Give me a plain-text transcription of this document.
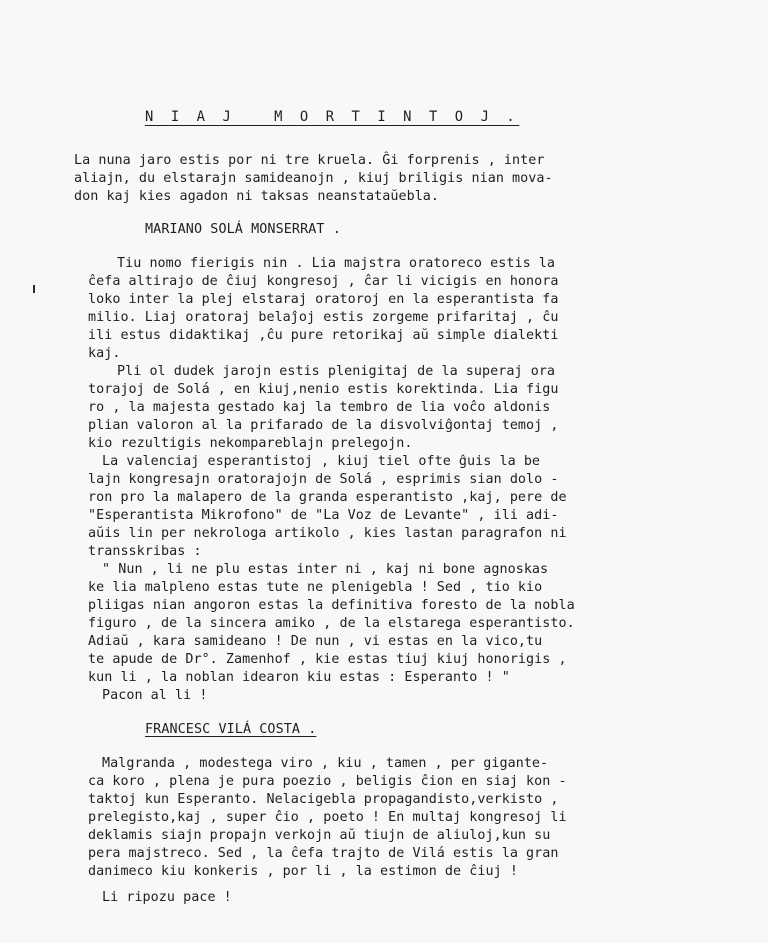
N I A J   M O R T I N T O J .
La nuna jaro estis por ni tre kruela. Ĝi forprenis , inter
aliajn, du elstarajn samideanojn , kiuj briligis nian movа-
don kaj kies agadon ni taksas neanstataŭebla.
MARIANO SOLÁ MONSERRAT .
Tiu nomo fierigis nin . Lia majstra oratoreco estis la
ĉefa altirajo de ĉiuj kongresoj , ĉar li vicigis en honora
loko inter la plej elstaraj oratoroj en la esperantista fa
milio. Liaj oratoraj belaĵoj estis zorgeme prifaritaj , ĉu
ili estus didaktikaj ,ĉu pure retorikaj aŭ simple dialekti
kaj.
Pli ol dudek jarojn estis plenigitaj de la superaj ora
torajoj de Solá , en kiuj,nenio estis korektinda. Lia figu
ro , la majesta gestado kaj la tembro de lia voĉo aldonis
plian valoron al la prifarado de la disvolviĝontaj temoj ,
kio rezultigis nekompareblajn prelegojn.
La valenciaj esperantistoj , kiuj tiel ofte ĝuis la be
lajn kongresajn oratorajojn de Solá , esprimis sian dolo -
ron pro la malapero de la granda esperantisto ,kaj, pere de
"Esperantista Mikrofono" de "La Voz de Levante" , ili adi-
aŭis lin per nekrologa artikolo , kies lastan paragrafon ni
transskribas :
" Nun , li ne plu estas inter ni , kaj ni bone agnoskas
ke lia malpleno estas tute ne plenigebla ! Sed , tio kio
pliigas nian angoron estas la definitiva foresto de la nobla
figuro , de la sincera amiko , de la elstarega esperantisto.
Adiaŭ , kara samideano ! De nun , vi estas en la vico,tu
te apude de Dr°. Zamenhof , kie estas tiuj kiuj honorigis ,
kun li , la noblan idearon kiu estas : Esperanto ! "
Pacon al li !
FRANCESC VILÁ COSTA .
Malgranda , modestega viro , kiu , tamen , per gigante-
ca koro , plena je pura poezio , beligis ĉion en siaj kon -
taktoj kun Esperanto. Nelacigebla propagandisto,verkisto ,
prelegisto,kaj , super ĉio , poeto ! En multaj kongresoj li
deklamis siajn propajn verkojn aŭ tiujn de aliuloj,kun su
pera majstreco. Sed , la ĉefa trajto de Vilá estis la gran
danimeco kiu konkeris , por li , la estimon de ĉiuj !
Li ripozu pace !
